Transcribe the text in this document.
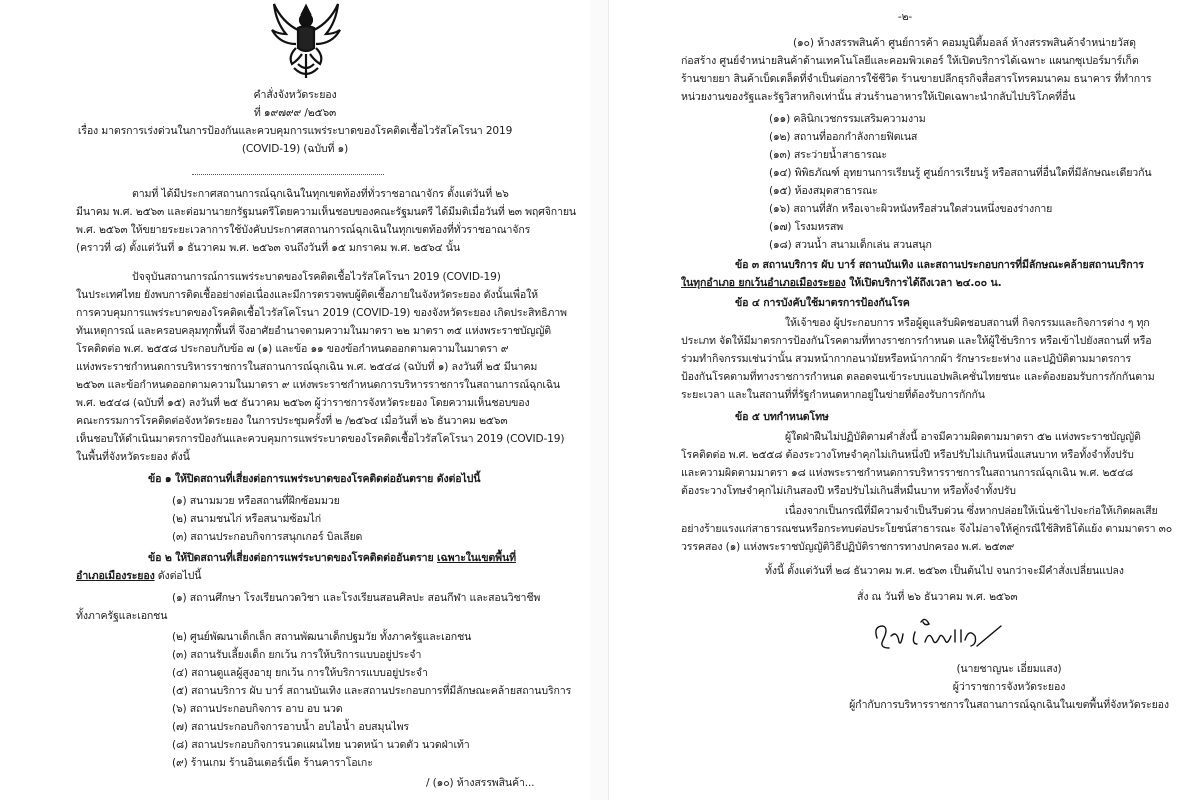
คำสั่งจังหวัดระยอง
ที่ ๑๙๗๙๙ /๒๕๖๓
เรื่อง มาตรการเร่งด่วนในการป้องกันและควบคุมการแพร่ระบาดของโรคติดเชื้อไวรัสโคโรนา 2019
(COVID-19) (ฉบับที่ ๑)
ตามที่ ได้มีประกาศสถานการณ์ฉุกเฉินในทุกเขตท้องที่ทั่วราชอาณาจักร ตั้งแต่วันที่ ๒๖
มีนาคม พ.ศ. ๒๕๖๓ และต่อมานายกรัฐมนตรีโดยความเห็นชอบของคณะรัฐมนตรี ได้มีมติเมื่อวันที่ ๒๓ พฤศจิกายน
พ.ศ. ๒๕๖๓ ให้ขยายระยะเวลาการใช้บังคับประกาศสถานการณ์ฉุกเฉินในทุกเขตท้องที่ทั่วราชอาณาจักร
(คราวที่ ๘) ตั้งแต่วันที่ ๑ ธันวาคม พ.ศ. ๒๕๖๓ จนถึงวันที่ ๑๕ มกราคม พ.ศ. ๒๕๖๔ นั้น
ปัจจุบันสถานการณ์การแพร่ระบาดของโรคติดเชื้อไวรัสโคโรนา 2019 (COVID-19)
ในประเทศไทย ยังพบการติดเชื้ออย่างต่อเนื่องและมีการตรวจพบผู้ติดเชื้อภายในจังหวัดระยอง ดังนั้นเพื่อให้
การควบคุมการแพร่ระบาดของโรคติดเชื้อไวรัสโคโรนา 2019 (COVID-19) ของจังหวัดระยอง เกิดประสิทธิภาพ
ทันเหตุการณ์ และครอบคลุมทุกพื้นที่ จึงอาศัยอำนาจตามความในมาตรา ๒๒ มาตรา ๓๕ แห่งพระราชบัญญัติ
โรคติดต่อ พ.ศ. ๒๕๕๘ ประกอบกับข้อ ๗ (๑) และข้อ ๑๑ ของข้อกำหนดออกตามความในมาตรา ๙
แห่งพระราชกำหนดการบริหารราชการในสถานการณ์ฉุกเฉิน พ.ศ. ๒๕๔๘ (ฉบับที่ ๑) ลงวันที่ ๒๕ มีนาคม
๒๕๖๓ และข้อกำหนดออกตามความในมาตรา ๙ แห่งพระราชกำหนดการบริหารราชการในสถานการณ์ฉุกเฉิน
พ.ศ. ๒๕๔๘ (ฉบับที่ ๑๕) ลงวันที่ ๒๕ ธันวาคม ๒๕๖๓ ผู้ว่าราชการจังหวัดระยอง โดยความเห็นชอบของ
คณะกรรมการโรคติดต่อจังหวัดระยอง ในการประชุมครั้งที่ ๒ /๒๕๖๔ เมื่อวันที่ ๒๖ ธันวาคม ๒๕๖๓
เห็นชอบให้ดำเนินมาตรการป้องกันและควบคุมการแพร่ระบาดของโรคติดเชื้อไวรัสโคโรนา 2019 (COVID-19)
ในพื้นที่จังหวัดระยอง ดังนี้
ข้อ ๑ ให้ปิดสถานที่เสี่ยงต่อการแพร่ระบาดของโรคติดต่ออันตราย ดังต่อไปนี้
(๑) สนามมวย หรือสถานที่ฝึกซ้อมมวย
(๒) สนามชนไก่ หรือสนามซ้อมไก่
(๓) สถานประกอบกิจการสนุกเกอร์ บิลเลียด
ข้อ ๒ ให้ปิดสถานที่เสี่ยงต่อการแพร่ระบาดของโรคติดต่ออันตราย เฉพาะในเขตพื้นที่
อำเภอเมืองระยอง ดังต่อไปนี้
(๑) สถานศึกษา โรงเรียนกวดวิชา และโรงเรียนสอนศิลปะ สอนกีฬา และสอนวิชาชีพ
ทั้งภาครัฐและเอกชน
(๒) ศูนย์พัฒนาเด็กเล็ก สถานพัฒนาเด็กปฐมวัย ทั้งภาครัฐและเอกชน
(๓) สถานรับเลี้ยงเด็ก ยกเว้น การให้บริการแบบอยู่ประจำ
(๔) สถานดูแลผู้สูงอายุ ยกเว้น การให้บริการแบบอยู่ประจำ
(๕) สถานบริการ ผับ บาร์ สถานบันเทิง และสถานประกอบการที่มีลักษณะคล้ายสถานบริการ
(๖) สถานประกอบกิจการ อาบ อบ นวด
(๗) สถานประกอบกิจการอาบน้ำ อบไอน้ำ อบสมุนไพร
(๘) สถานประกอบกิจการนวดแผนไทย นวดหน้า นวดตัว นวดฝ่าเท้า
(๙) ร้านเกม ร้านอินเตอร์เน็ต ร้านคาราโอเกะ
/ (๑๐) ห้างสรรพสินค้า...
-๒-
(๑๐) ห้างสรรพสินค้า ศูนย์การค้า คอมมูนิตี้มอลล์ ห้างสรรพสินค้าจำหน่ายวัสดุ
ก่อสร้าง ศูนย์จำหน่ายสินค้าด้านเทคโนโลยีและคอมพิวเตอร์ ให้เปิดบริการได้เฉพาะ แผนกซุเปอร์มาร์เก็ต
ร้านขายยา สินค้าเบ็ดเตล็ดที่จำเป็นต่อการใช้ชีวิต ร้านขายปลีกธุรกิจสื่อสารโทรคมนาคม ธนาคาร ที่ทำการ
หน่วยงานของรัฐและรัฐวิสาหกิจเท่านั้น ส่วนร้านอาหารให้เปิดเฉพาะนำกลับไปบริโภคที่อื่น
(๑๑) คลินิกเวชกรรมเสริมความงาม
(๑๒) สถานที่ออกกำลังกายฟิตเนส
(๑๓) สระว่ายน้ำสาธารณะ
(๑๔) พิพิธภัณฑ์ อุทยานการเรียนรู้ ศูนย์การเรียนรู้ หรือสถานที่อื่นใดที่มีลักษณะเดียวกัน
(๑๕) ห้องสมุดสาธารณะ
(๑๖) สถานที่สัก หรือเจาะผิวหนังหรือส่วนใดส่วนหนึ่งของร่างกาย
(๑๗) โรงมหรสพ
(๑๘) สวนน้ำ สนามเด็กเล่น สวนสนุก
ข้อ ๓ สถานบริการ ผับ บาร์ สถานบันเทิง และสถานประกอบการที่มีลักษณะคล้ายสถานบริการ
ในทุกอำเภอ ยกเว้นอำเภอเมืองระยอง ให้เปิดบริการได้ถึงเวลา ๒๔.๐๐ น.
ข้อ ๔ การบังคับใช้มาตรการป้องกันโรค
ให้เจ้าของ ผู้ประกอบการ หรือผู้ดูแลรับผิดชอบสถานที่ กิจกรรมและกิจการต่าง ๆ ทุก
ประเภท จัดให้มีมาตรการป้องกันโรคตามที่ทางราชการกำหนด และให้ผู้ใช้บริการ หรือเข้าไปยังสถานที่ หรือ
ร่วมทำกิจกรรมเช่นว่านั้น สวมหน้ากากอนามัยหรือหน้ากากผ้า รักษาระยะห่าง และปฏิบัติตามมาตรการ
ป้องกันโรคตามที่ทางราชการกำหนด ตลอดจนเข้าระบบแอปพลิเคชั่นไทยชนะ และต้องยอมรับการกักกันตาม
ระยะเวลา และในสถานที่ที่รัฐกำหนดหากอยู่ในข่ายที่ต้องรับการกักกัน
ข้อ ๕ บทกำหนดโทษ
ผู้ใดฝ่าฝืนไม่ปฏิบัติตามคำสั่งนี้ อาจมีความผิดตามมาตรา ๕๒ แห่งพระราชบัญญัติ
โรคติดต่อ พ.ศ. ๒๕๕๘ ต้องระวางโทษจำคุกไม่เกินหนึ่งปี หรือปรับไม่เกินหนึ่งแสนบาท หรือทั้งจำทั้งปรับ
และความผิดตามมาตรา ๑๘ แห่งพระราชกำหนดการบริหารราชการในสถานการณ์ฉุกเฉิน พ.ศ. ๒๕๔๘
ต้องระวางโทษจำคุกไม่เกินสองปี หรือปรับไม่เกินสี่หมื่นบาท หรือทั้งจำทั้งปรับ
เนื่องจากเป็นกรณีที่มีความจำเป็นรีบด่วน ซึ่งหากปล่อยให้เนิ่นช้าไปจะก่อให้เกิดผลเสีย
อย่างร้ายแรงแก่สาธารณชนหรือกระทบต่อประโยชน์สาธารณะ จึงไม่อาจให้คู่กรณีใช้สิทธิโต้แย้ง ตามมาตรา ๓๐
วรรคสอง (๑) แห่งพระราชบัญญัติวิธีปฏิบัติราชการทางปกครอง พ.ศ. ๒๕๓๙
ทั้งนี้ ตั้งแต่วันที่ ๒๘ ธันวาคม พ.ศ. ๒๕๖๓ เป็นต้นไป จนกว่าจะมีคำสั่งเปลี่ยนแปลง
สั่ง ณ วันที่ ๒๖ ธันวาคม พ.ศ. ๒๕๖๓
(นายชาญนะ เอี่ยมแสง)
ผู้ว่าราชการจังหวัดระยอง
ผู้กำกับการบริหารราชการในสถานการณ์ฉุกเฉินในเขตพื้นที่จังหวัดระยอง
